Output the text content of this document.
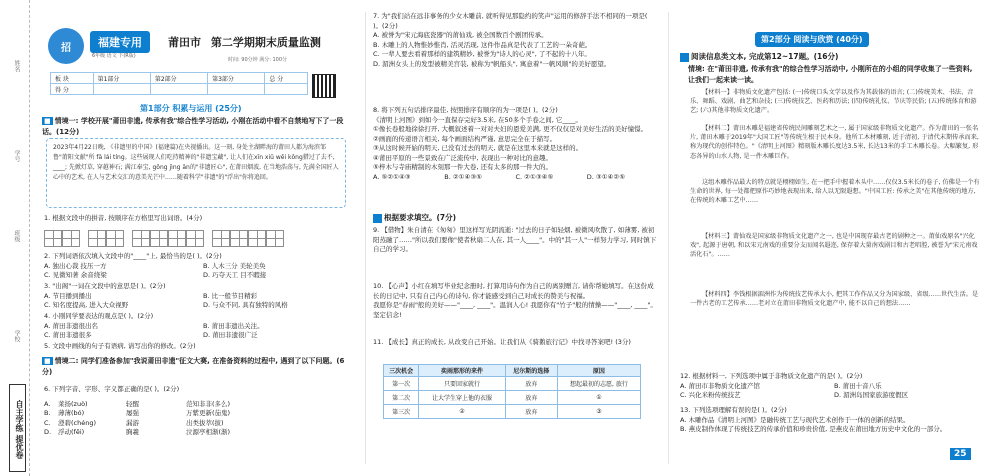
姓名
学号
班级
学校
自主学练 提优卷
招	福建专用
6年级 语文 下(R版)
莆田市 第二学期期末质量监测
时间: 90分钟 满分: 100分
板 块	第1部分	第2部分	第3部分	总 分
得 分				
第1部分 积累与运用 (25分)
■ 情境一: 学校开展"莆田非遗, 传承有我"综合性学习活动, 小刚在活动中看不自禁地写下了一段话。(12分)
2023年4月22日晚, 《非遗里的中国》(福建篇)在央视播出。这一刻, 身处主湖畔海的莆田人都为海滨邹鲁"莆阳文献"所 fā lái tíng。这些展现人们吃持精神的"非遗宝藏", 让人们在xīn xiǔ wēi kōng猎过了去不, ____; 先掀灯草, 穿越神石; 满江奉宝, gōng jìng ān的"非遗匠心", 在莆田烟波, 在当地浩荡与, 先满全国匠人心中的艺术, 在人与艺术交汇的意美光芒中……随着科学"非遗"的"浮出"你将追回。
1. 根据文段中的拼音, 按顺序在方格里写出词语。(4分)
2. 下列词语依次填入文段中的"____"上, 最恰当的是( )。(2分)
A. 独出心裁 技压一方	B. 人木三分 美轮美奂
C. 见微知著 余音绕梁	D. 巧夺天工 目不暇接
3. "出阁"一词在文段中的意思是( )。(2分)
A. 节目播到播出	B. 比一般节目精彩
C. 知名度提高, 进入大众视野	D. 与众不同, 具有独特的风格
4. 小刚同学要表达的观点是( )。(2分)
A. 莆田非遗很出名	B. 莆田非遗出关注。
C. 莆田非遗很多	D. 莆田非遗很广泛
5. 文段中画线的句子有语病, 请写出你的修改。(2分)
■ 情境二: 同学们准备参加"我说莆田非遗"征文大赛, 在准备资料的过程中, 遇到了以下问题。(6分)
6. 下列字音、字形、字义都正确的是( )。(2分)
A.	莱扬(zuò)	轻醒	范知非非(多么)
B.	薄薄(bó)	屡强	万紫更新(茄鬼)
C.	澄碧(chéng)	漏游	出类拔萃(拔)
D.	浮动(fēi)	胸羲	泣源亭相渐(渐)
7. 为"我们站在远非事务的少女木雕前, 就听得见那隐约的笑声"运用的修辞手法不相同的一项是( )。(2分)
A. 被誉为"宋元海底瓷器"的莆仙戏, 被全国数百个剧团传承。
B. 木雕上的人物惟妙惟肖, 活灵活现, 这件作品真是代表了工艺的一朵奇葩。
C. 一辈人要去看着那样的建筑精妙, 被誉为"诗人的心灵", 了不起的十八年。
D. 湄洲女头上的发型被精美宫装, 被称为"帆船头", 寓意着"一帆风顺"的美好愿望。
8. 将下列五句话排序最佳, 按照排序有顺序的为一项是( )。(2分)
《清明上河图》到如今一直保存完好3.5米, 在50多个手卷之间, 它____。
①像长卷般地徐徐打开, 大概叙述着一对对夫妇的恩爱美满, 更不仅仅是对美好生活的美好憧憬。
②画面的传递语言相关, 每个画面结构严谨, 意思完全在于描写。
③从这时候开始的明天, 已没有过去的明天, 就是在这里本来就是这样的。
④莆田平原的一些景致在广泛流传中, 表现出一种对比的意趣。
⑤梓木与寺庙精制的木刻那一件大卷, 还有太多的那一件大的。
A. ⑤②①④③	B. ②①④③⑤	C. ②①③④⑤	D. ③①④②⑤
根据要求填空。(7分)
9. 【借物】朱自清在《匆匆》里这样写光阴流逝: "过去的日子如轻烟, 被微风吹散了, 如薄雾, 被初阳蒸融了……"所以我们要像"使者秋扇二人在, 其一人____"。中的"其一人"一样努力学习, 同时镇下自己的学习。
10. 【心声】小红在填写毕业纪念册时, 打算用诗句作为自己的离别赠言, 请你帮她填写。在这份成长的日记中, 只有自己内心的诗句, 你才能感受到自己对成长的赞美与祝福。
我愿你是"春雨"般的美好——"____, ____"。温润人心! 我愿你有"竹子"般的情操——"____, ____"。坚定信念!
11. 【成长】真正的成长, 从改变自己开始。让我们从《骑鹅旅行记》中找寻答案吧! (3分)
三次机会	奕雨那形的来件	尼尔斯的选择	原因
第一次	只要回家就行	放弃	想起最初的志愿, 旅行
第二次	让大学生穿上他的衣服	放弃	①
第三次	②	放弃	③
第2部分 阅读与欣赏 (40分)
阅读信息类文本, 完成第12~17题。(16分)
情境: 在"莆田非遗, 传承有我"的综合性学习活动中, 小刚所在的小组的同学收集了一些资料, 让我们一起来读一读。
【材料一】非物质文化遗产包括: (一)传统口头文学以及作为其载体的语言; (二)传统美术、书法、音乐、舞蹈、戏剧、曲艺和杂技; (三)传统技艺、医药和历法; (四)传统礼仪、节庆等民俗; (五)传统体育和游艺; (六)其他非物质文化遗产。
【材料二】莆田木雕是福建省传统民间雕刻艺术之一, 属于国家级非物质文化遗产。作为莆田的一张名片, 莆田木雕于2019年"大国工匠"等传统生根于民本身。他所工木材雕刻, 近于清初, 于清代末期传承而来, 称为现代的创作特色。"《清明上河图》精刻版木雕长度达3.5米, 长达13米的手工木雕长卷。大幅繁复, 形态各异的山水人物, 是一件木雕巨作。
这组木雕作品最大的特点就是栩栩如生, 在一把手中握着木头中……仅仅3.5米长的卷子, 仿佛是一个有生命的世界, 每一处都把原作巧妙地表现出来, 给人以无限遐想。"中国工匠: 传承之美"在其他传统的地方, 在传统的木雕工艺中……
【材料三】莆仙戏是国家级非物质文化遗产之一, 也是中国现存最古老的剧种之一。莆仙戏原名"兴化戏", 起源于唐朝, 和以宋元南戏的重要分支而闻名遐迩, 保存着大量南戏剧目和古老唱腔, 被誉为"宋元南戏活化石"。……
【材料四】李钱根据湄洲作为传统技艺传承大小, 把其工作作品又分为国家级、省级……世代生活。是一件古老的工艺传承……老对立在莆田非物质文化遗产中, 能不以自己的想法……
12. 根据材料一, 下列选项中属于非物质文化遗产的是( )。(2分)
A. 莆田市非物质文化遗产馆	B. 莆田十音八乐
C. 兴化米粉传统技艺	D. 湄洲岛国家旅游度假区
13. 下列选项理解有误的是( )。(2分)
A. 木雕作品《清明上河图》是融传统工艺与现代艺术创作于一体的创新的结果。
B. 燕皮制作体现了传统技艺的传承价值和珍贵价值, 是燕皮在莆田地方历史中文化的一部分。
25
